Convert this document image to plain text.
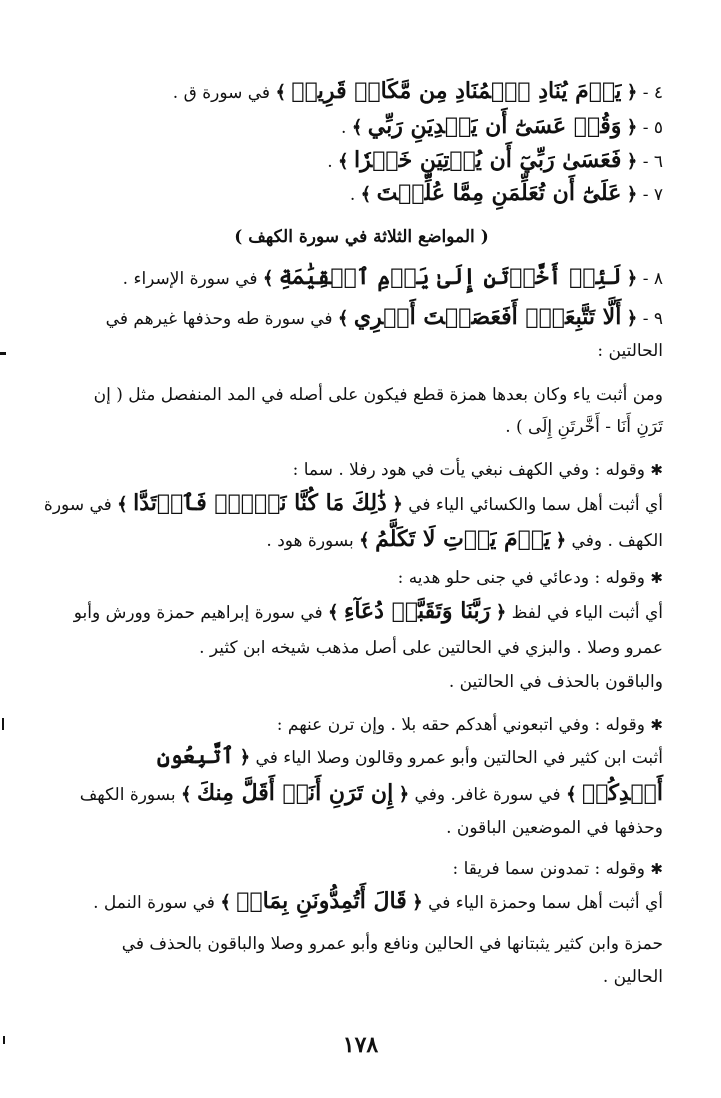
٤ - ﴿ يَوۡمَ يُنَادِ ٱلۡمُنَادِ مِن مَّكَانٖ قَرِيبٖ ﴾ في سورة ق .
٥ - ﴿ وَقُلۡ عَسَىٰٓ أَن يَهۡدِيَنِ رَبِّي ﴾ .
٦ - ﴿ فَعَسَىٰ رَبِّيٓ أَن يُؤۡتِيَنِ خَيۡرٗا ﴾ .
٧ - ﴿ عَلَىٰٓ أَن تُعَلِّمَنِ مِمَّا عُلِّمۡتَ ﴾ .
( المواضع الثلاثة في سورة الكهف )
٨ - ﴿ لَئِنۡ أَخَّرۡتَنِ إِلَىٰ يَوۡمِ ٱلۡقِيَٰمَةِ ﴾ في سورة الإسراء .
٩ - ﴿ أَلَّا تَتَّبِعَنِۖ أَفَعَصَيۡتَ أَمۡرِي ﴾ في سورة طه وحذفها غيرهم في
الحالتين :
ومن أثبت ياء وكان بعدها همزة قطع فيكون على أصله في المد المنفصل مثل ( إن
تَرَنِ أَنَا - أَخَّرتَنِ إِلَى ) .
✱ وقوله : وفي الكهف نبغي يأت في هود رفلا . سما :
أي أثبت أهل سما والكسائي الياء في ﴿ ذَٰلِكَ مَا كُنَّا نَبۡغِۚ فَٱرۡتَدَّا ﴾ في سورة
الكهف . وفي ﴿ يَوۡمَ يَأۡتِ لَا تَكَلَّمُ ﴾ بسورة هود .
✱ وقوله : ودعائي في جنى حلو هديه :
أي أثبت الياء في لفظ ﴿ رَبَّنَا وَتَقَبَّلۡ دُعَآءِ ﴾ في سورة إبراهيم حمزة وورش وأبو
عمرو وصلا . والبزي في الحالتين على أصل مذهب شيخه ابن كثير .
والباقون بالحذف في الحالتين .
✱ وقوله : وفي اتبعوني أهدكم حقه بلا . وإن ترن عنهم :
أثبت ابن كثير في الحالتين وأبو عمرو وقالون وصلا الياء في ﴿ ٱتَّبِعُونِ
أَهۡدِكُمۡ ﴾ في سورة غافر. وفي ﴿ إِن تَرَنِ أَنَا۠ أَقَلَّ مِنكَ ﴾ بسورة الكهف
وحذفها في الموضعين الباقون .
✱ وقوله : تمدونن سما فريقا :
أي أثبت أهل سما وحمزة الياء في ﴿ قَالَ أَتُمِدُّونَنِ بِمَالٖ ﴾ في سورة النمل .
حمزة وابن كثير يثبتانها في الحالين ونافع وأبو عمرو وصلا والباقون بالحذف في
الحالين .
١٧٨
